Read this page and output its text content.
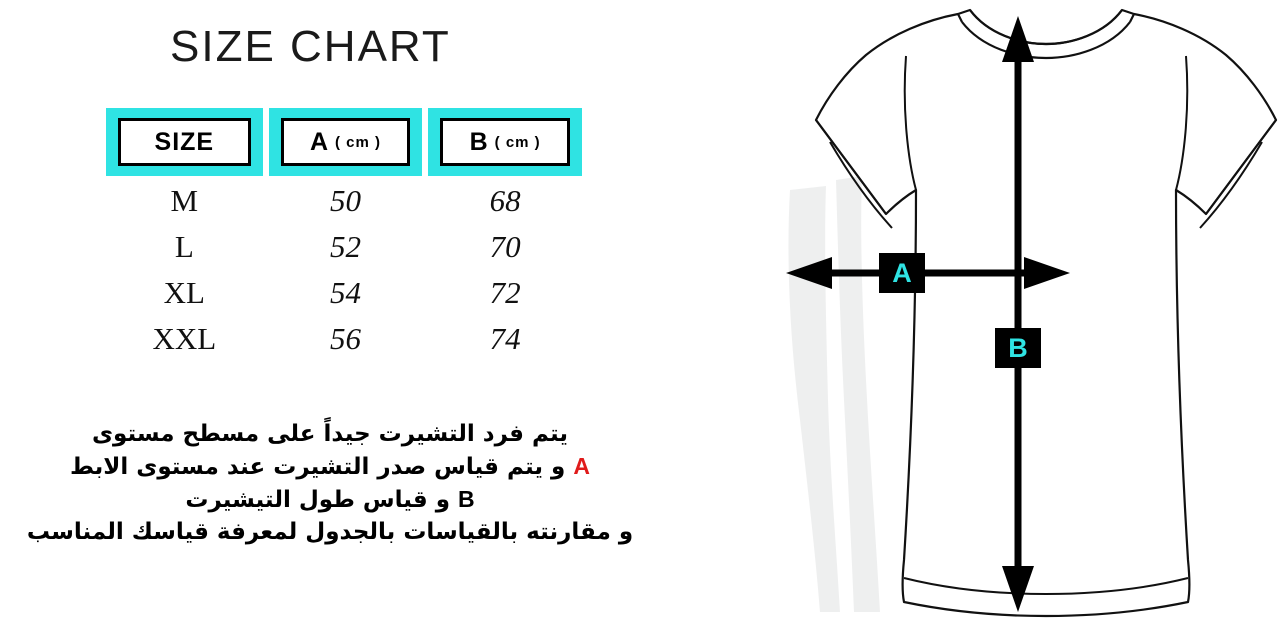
SIZE CHART
SIZE	A ( cm )	B ( cm )

M	50	68

L	52	70

XL	54	72

XXL	56	74
يتم فرد التشيرت جيداً على مسطح مستوى
A و يتم قياس صدر التشيرت عند مستوى الابط
B و قياس طول التيشيرت
و مقارنته بالقياسات بالجدول لمعرفة قياسك المناسب
A
B
